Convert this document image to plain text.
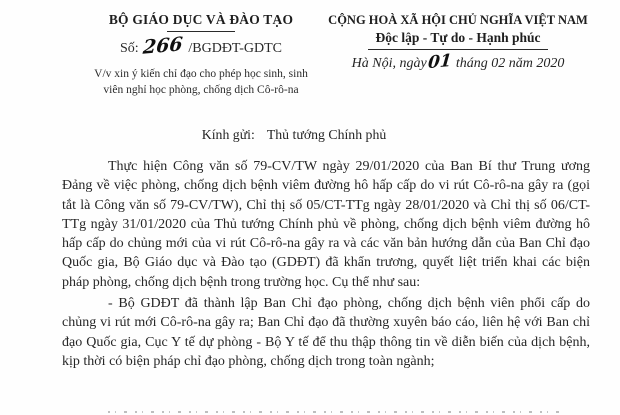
BỘ GIÁO DỤC VÀ ĐÀO TẠO
Số: 266 /BGDĐT-GDTC
V/v xin ý kiến chỉ đạo cho phép học sinh, sinh
viên nghỉ học phòng, chống dịch Cô-rô-na
CỘNG HOÀ XÃ HỘI CHỦ NGHĨA VIỆT NAM
Độc lập - Tự do - Hạnh phúc
Hà Nội, ngày01 tháng 02 năm 2020
Kính gửi: Thủ tướng Chính phủ

Thực hiện Công văn số 79-CV/TW ngày 29/01/2020 của Ban Bí thư Trung ương Đảng về việc phòng, chống dịch bệnh viêm đường hô hấp cấp do vi rút Cô-rô-na gây ra (gọi tắt là Công văn số 79-CV/TW), Chỉ thị số 05/CT-TTg ngày 28/01/2020 và Chỉ thị số 06/CT-TTg ngày 31/01/2020 của Thủ tướng Chính phủ về phòng, chống dịch bệnh viêm đường hô hấp cấp do chủng mới của vi rút Cô-rô-na gây ra và các văn bản hướng dẫn của Ban Chỉ đạo Quốc gia, Bộ Giáo dục và Đào tạo (GDĐT) đã khẩn trương, quyết liệt triển khai các biện pháp phòng, chống dịch bệnh trong trường học. Cụ thể như sau:

- Bộ GDĐT đã thành lập Ban Chỉ đạo phòng, chống dịch bệnh viên phổi cấp do chủng vi rút mới Cô-rô-na gây ra; Ban Chỉ đạo đã thường xuyên báo cáo, liên hệ với Ban chỉ đạo Quốc gia, Cục Y tế dự phòng - Bộ Y tế để thu thập thông tin về diễn biến của dịch bệnh, kịp thời có biện pháp chỉ đạo phòng, chống dịch trong toàn ngành;
